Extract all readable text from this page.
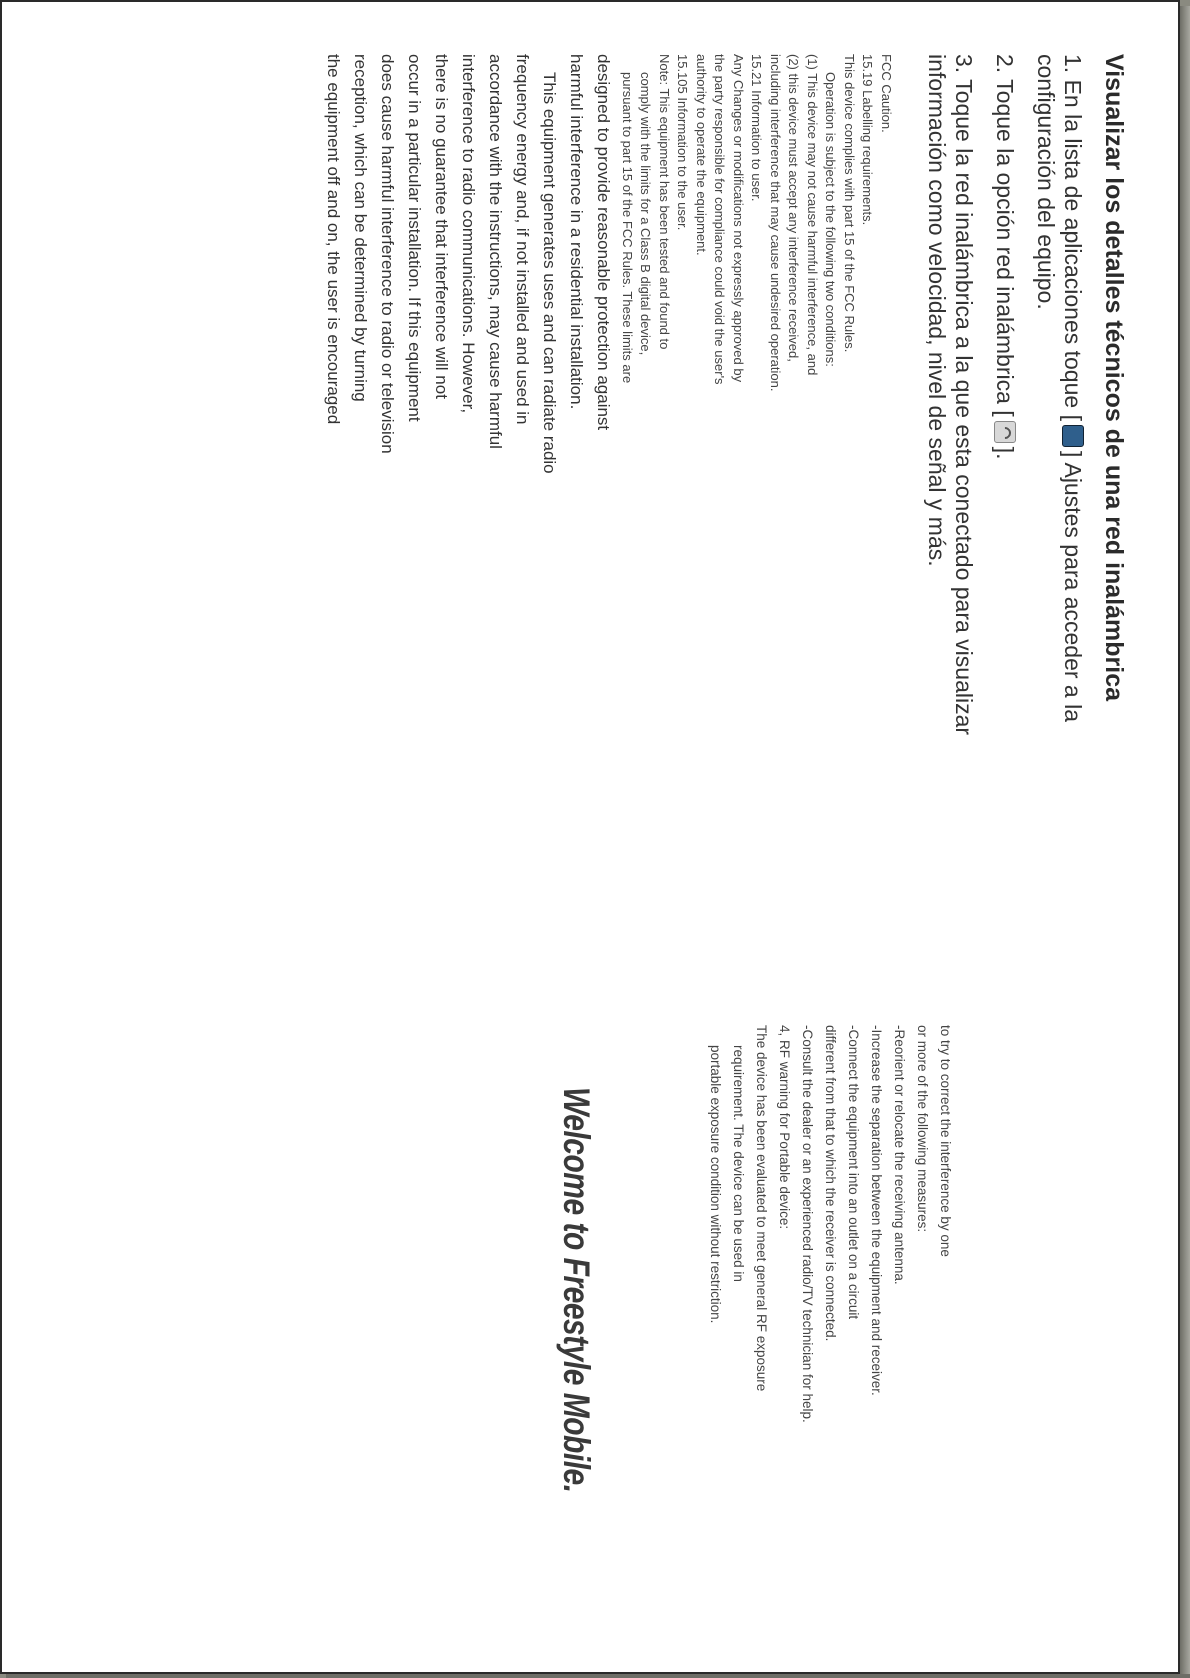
Visualizar los detalles técnicos de una red inalámbrica
1. En la lista de aplicaciones toque [] Ajustes para acceder a la configuración del equipo.
2. Toque la opción red inalámbrica [].
3. Toque la red inalámbrica a la que esta conectado para visualizar información como velocidad, nivel de señal y más.
FCC Caution.
15.19 Labelling requirements.
This device complies with part 15 of the FCC Rules.
Operation is subject to the following two conditions:
(1) This device may not cause harmful interference, and
(2) this device must accept any interference received,
including interference that may cause undesired operation.
15.21 Information to user.
Any Changes or modifications not expressly approved by
the party responsible for compliance could void the user's
authority to operate the equipment.
15.105 Information to the user.
Note: This equipment has been tested and found to
comply with the limits for a Class B digital device,
pursuant to part 15 of the FCC Rules. These limits are
designed to provide reasonable protection against
harmful interference in a residential installation.
This equipment generates uses and can radiate radio
frequency energy and, if not installed and used in
accordance with the instructions, may cause harmful
interference to radio communications. However,
there is no guarantee that interference will not
occur in a particular installation. If this equipment
does cause harmful interference to radio or television
reception, which can be determined by turning
the equipment off and on, the user is encouraged
to try to correct the interference by one
or more of the following measures:
-Reorient or relocate the receiving antenna.
-Increase the separation between the equipment and receiver.
-Connect the equipment into an outlet on a circuit
different from that to which the receiver is connected.
-Consult the dealer or an experienced radio/TV technician for help.
4, RF warning for Portable device:
The device has been evaluated to meet general RF exposure
requirement. The device can be used in
portable exposure condition without restriction.
Welcome to Freestyle Mobile.
